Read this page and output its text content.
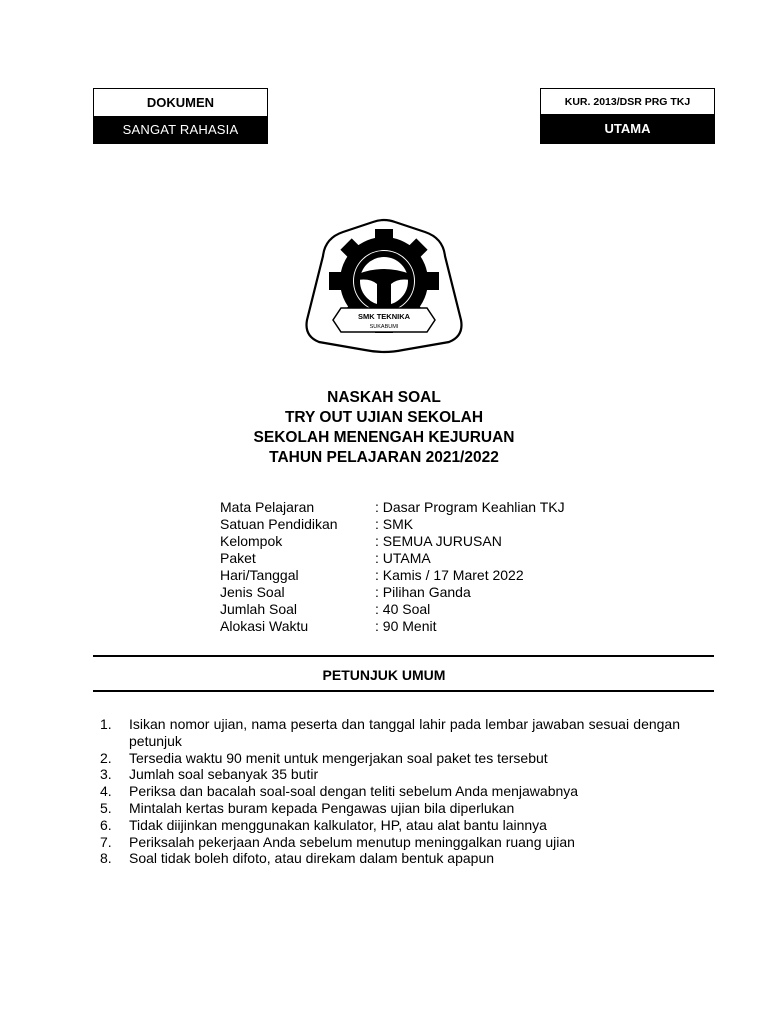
DOKUMEN
SANGAT RAHASIA
KUR. 2013/DSR PRG TKJ
UTAMA
SMK TEKNIKA
SUKABUMI
NASKAH SOAL
TRY OUT UJIAN SEKOLAH
SEKOLAH MENENGAH KEJURUAN
TAHUN PELAJARAN 2021/2022
Mata Pelajaran	: Dasar Program Keahlian TKJ
Satuan Pendidikan	: SMK
Kelompok	: SEMUA JURUSAN
Paket	: UTAMA
Hari/Tanggal	: Kamis / 17 Maret 2022
Jenis Soal	: Pilihan Ganda
Jumlah Soal	: 40 Soal
Alokasi Waktu	: 90 Menit
PETUNJUK UMUM
1.	Isikan nomor ujian, nama peserta dan tanggal lahir pada lembar jawaban sesuai dengan petunjuk
2.	Tersedia waktu 90 menit untuk mengerjakan soal paket tes tersebut
3.	Jumlah soal sebanyak 35 butir
4.	Periksa dan bacalah soal-soal dengan teliti sebelum Anda menjawabnya
5.	Mintalah kertas buram kepada Pengawas ujian bila diperlukan
6.	Tidak diijinkan menggunakan kalkulator, HP, atau alat bantu lainnya
7.	Periksalah pekerjaan Anda sebelum menutup meninggalkan ruang ujian
8.	Soal tidak boleh difoto, atau direkam dalam bentuk apapun
